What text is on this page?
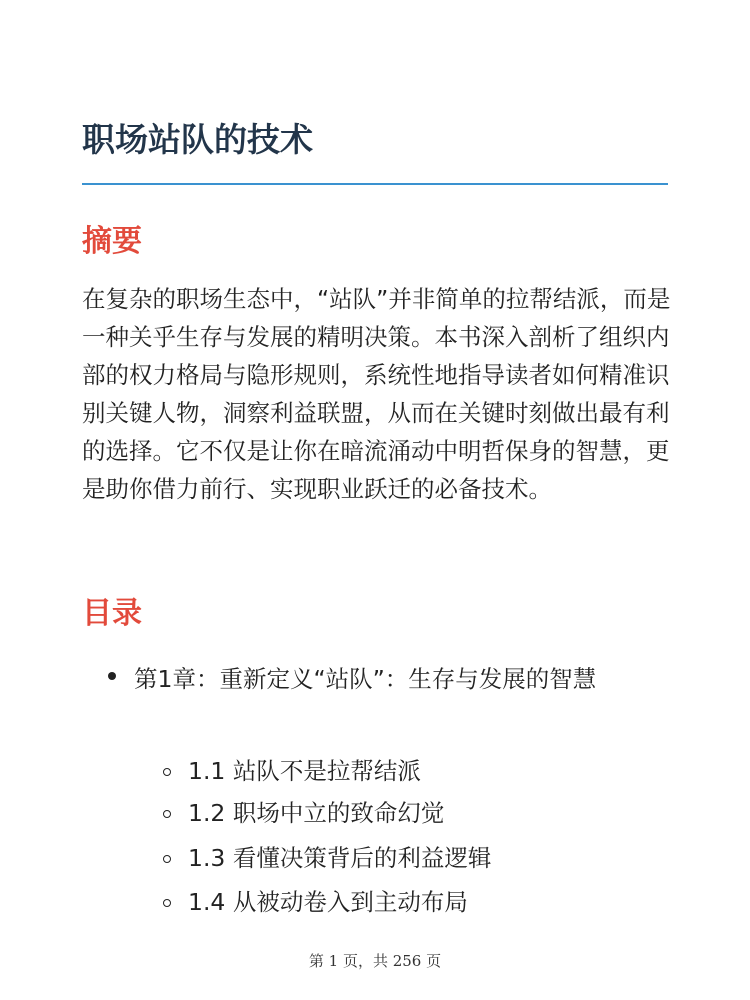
职场站队的技术
摘要

在复杂的职场生态中，“站队”并非简单的拉帮结派，而是一种关乎生存与发展的精明决策。本书深入剖析了组织内部的权力格局与隐形规则，系统性地指导读者如何精准识别关键人物，洞察利益联盟，从而在关键时刻做出最有利的选择。它不仅是让你在暗流涌动中明哲保身的智慧，更是助你借力前行、实现职业跃迁的必备技术。

目录
第1章：重新定义“站队”：生存与发展的智慧
1.1 站队不是拉帮结派
1.2 职场中立的致命幻觉
1.3 看懂决策背后的利益逻辑
1.4 从被动卷入到主动布局
第 1 页，共 256 页
